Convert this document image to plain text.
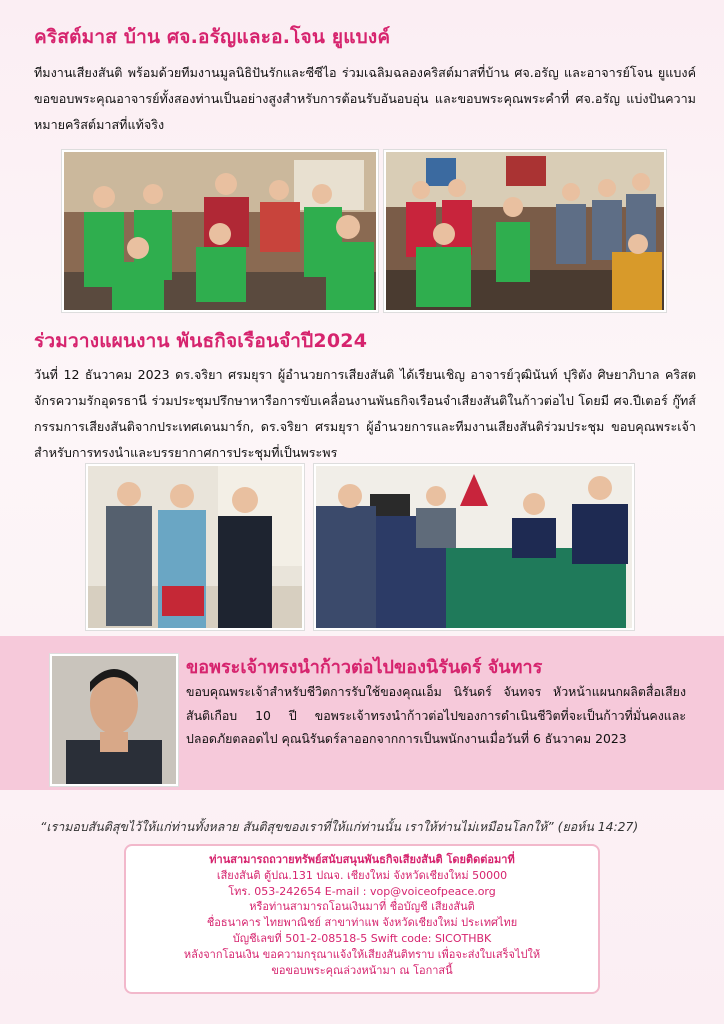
คริสต์มาส บ้าน ศจ.อรัญและอ.โจน ยูแบงค์
ทีมงานเสียงสันติ พร้อมด้วยทีมงานมูลนิธิปันรักและซีซีไอ ร่วมเฉลิมฉลองคริสต์มาสที่บ้าน ศจ.อรัญ และอาจารย์โจน ยูแบงค์ ขอขอบพระคุณอาจารย์ทั้งสองท่านเป็นอย่างสูงสำหรับการต้อนรับอันอบอุ่น และขอบพระคุณพระคำที่ ศจ.อรัญ แบ่งปันความหมายคริสต์มาสที่แท้จริง
ร่วมวางแผนงาน พันธกิจเรือนจำปี2024
วันที่ 12 ธันวาคม 2023 ดร.จริยา ศรมยุรา ผู้อำนวยการเสียงสันติ ได้เรียนเชิญ อาจารย์วุฒินันท์ ปุริตัง ศิษยาภิบาล คริสตจักรความรักอุดรธานี ร่วมประชุมปรึกษาหารือการขับเคลื่อนงานพันธกิจเรือนจำเสียงสันติในก้าวต่อไป โดยมี ศจ.ปีเตอร์ กู๊ทส์ กรรมการเสียงสันติจากประเทศเดนมาร์ก, ดร.จริยา ศรมยุรา ผู้อำนวยการและทีมงานเสียงสันติร่วมประชุม ขอบคุณพระเจ้าสำหรับการทรงนำและบรรยากาศการประชุมที่เป็นพระพร
ขอพระเจ้าทรงนำก้าวต่อไปของนิรันดร์ จันทาร
ขอบคุณพระเจ้าสำหรับชีวิตการรับใช้ของคุณเอ็ม นิรันดร์ จันทจร หัวหน้าแผนกผลิตสื่อเสียงสันติเกือบ 10 ปี ขอพระเจ้าทรงนำก้าวต่อไปของการดำเนินชีวิตที่จะเป็นก้าวที่มั่นคงและปลอดภัยตลอดไป คุณนิรันดร์ลาออกจากการเป็นพนักงานเมื่อวันที่ 6 ธันวาคม 2023
“เรามอบสันติสุขไว้ให้แก่ท่านทั้งหลาย สันติสุขของเราที่ให้แก่ท่านนั้น เราให้ท่านไม่เหมือนโลกให้” (ยอห์น 14:27)
ท่านสามารถถวายทรัพย์สนับสนุนพันธกิจเสียงสันติ โดยติดต่อมาที่
เสียงสันติ ตู้ปณ.131 ปณจ. เชียงใหม่ จังหวัดเชียงใหม่ 50000
โทร. 053-242654 E-mail : vop@voiceofpeace.org
หรือท่านสามารถโอนเงินมาที่ ชื่อบัญชี เสียงสันติ
ชื่อธนาคาร ไทยพาณิชย์ สาขาท่าแพ จังหวัดเชียงใหม่ ประเทศไทย
บัญชีเลขที่ 501-2-08518-5 Swift code: SICOTHBK
หลังจากโอนเงิน ขอความกรุณาแจ้งให้เสียงสันติทราบ เพื่อจะส่งใบเสร็จไปให้
ขอขอบพระคุณล่วงหน้ามา ณ โอกาสนี้
